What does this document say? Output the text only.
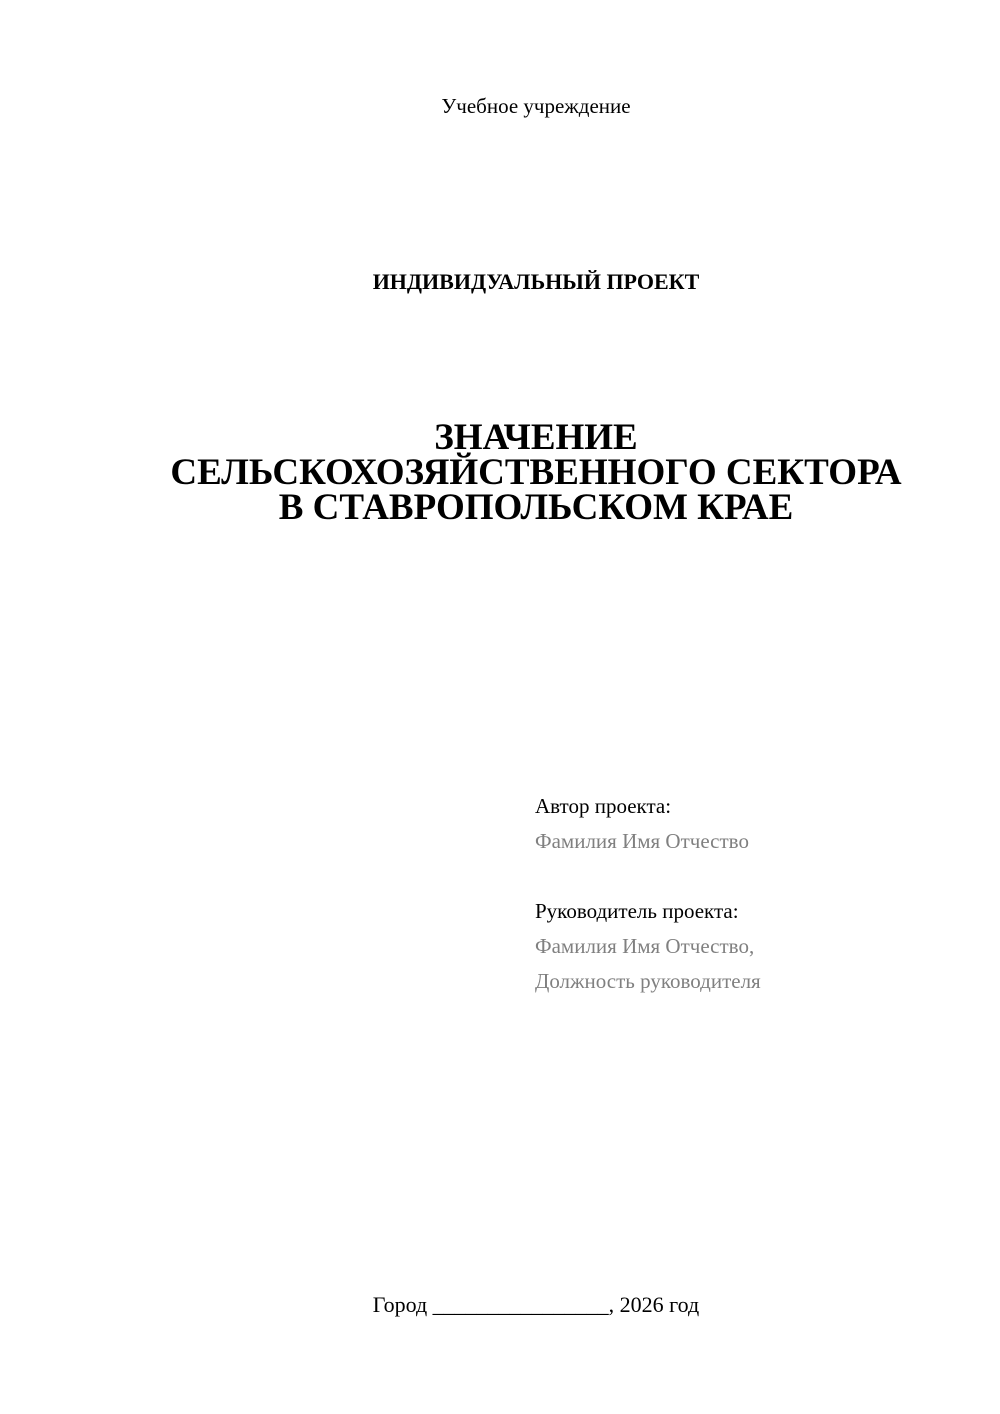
Учебное учреждение
ИНДИВИДУАЛЬНЫЙ ПРОЕКТ
ЗНАЧЕНИЕ
СЕЛЬСКОХОЗЯЙСТВЕННОГО СЕКТОРА
В СТАВРОПОЛЬСКОМ КРАЕ
Автор проекта:
Фамилия Имя Отчество
Руководитель проекта:
Фамилия Имя Отчество,
Должность руководителя
Город ________________, 2026 год
